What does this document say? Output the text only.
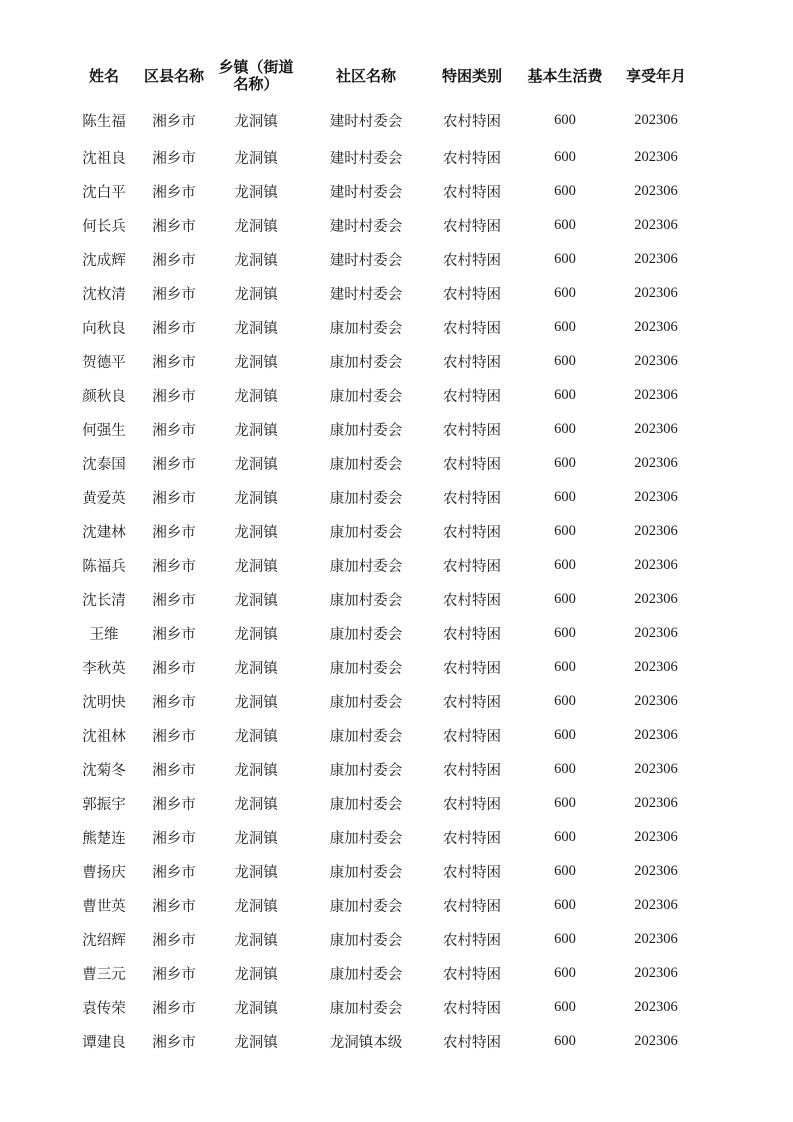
姓名	区县名称	乡镇（街道
名称）	社区名称	特困类别	基本生活费	享受年月
陈生福	湘乡市	龙洞镇	建时村委会	农村特困	600	202306
沈祖良	湘乡市	龙洞镇	建时村委会	农村特困	600	202306
沈白平	湘乡市	龙洞镇	建时村委会	农村特困	600	202306
何长兵	湘乡市	龙洞镇	建时村委会	农村特困	600	202306
沈成辉	湘乡市	龙洞镇	建时村委会	农村特困	600	202306
沈枚清	湘乡市	龙洞镇	建时村委会	农村特困	600	202306
向秋良	湘乡市	龙洞镇	康加村委会	农村特困	600	202306
贺德平	湘乡市	龙洞镇	康加村委会	农村特困	600	202306
颜秋良	湘乡市	龙洞镇	康加村委会	农村特困	600	202306
何强生	湘乡市	龙洞镇	康加村委会	农村特困	600	202306
沈泰国	湘乡市	龙洞镇	康加村委会	农村特困	600	202306
黄爱英	湘乡市	龙洞镇	康加村委会	农村特困	600	202306
沈建林	湘乡市	龙洞镇	康加村委会	农村特困	600	202306
陈福兵	湘乡市	龙洞镇	康加村委会	农村特困	600	202306
沈长清	湘乡市	龙洞镇	康加村委会	农村特困	600	202306
王维	湘乡市	龙洞镇	康加村委会	农村特困	600	202306
李秋英	湘乡市	龙洞镇	康加村委会	农村特困	600	202306
沈明快	湘乡市	龙洞镇	康加村委会	农村特困	600	202306
沈祖林	湘乡市	龙洞镇	康加村委会	农村特困	600	202306
沈菊冬	湘乡市	龙洞镇	康加村委会	农村特困	600	202306
郭振宇	湘乡市	龙洞镇	康加村委会	农村特困	600	202306
熊楚连	湘乡市	龙洞镇	康加村委会	农村特困	600	202306
曹扬庆	湘乡市	龙洞镇	康加村委会	农村特困	600	202306
曹世英	湘乡市	龙洞镇	康加村委会	农村特困	600	202306
沈绍辉	湘乡市	龙洞镇	康加村委会	农村特困	600	202306
曹三元	湘乡市	龙洞镇	康加村委会	农村特困	600	202306
袁传荣	湘乡市	龙洞镇	康加村委会	农村特困	600	202306
谭建良	湘乡市	龙洞镇	龙洞镇本级	农村特困	600	202306
